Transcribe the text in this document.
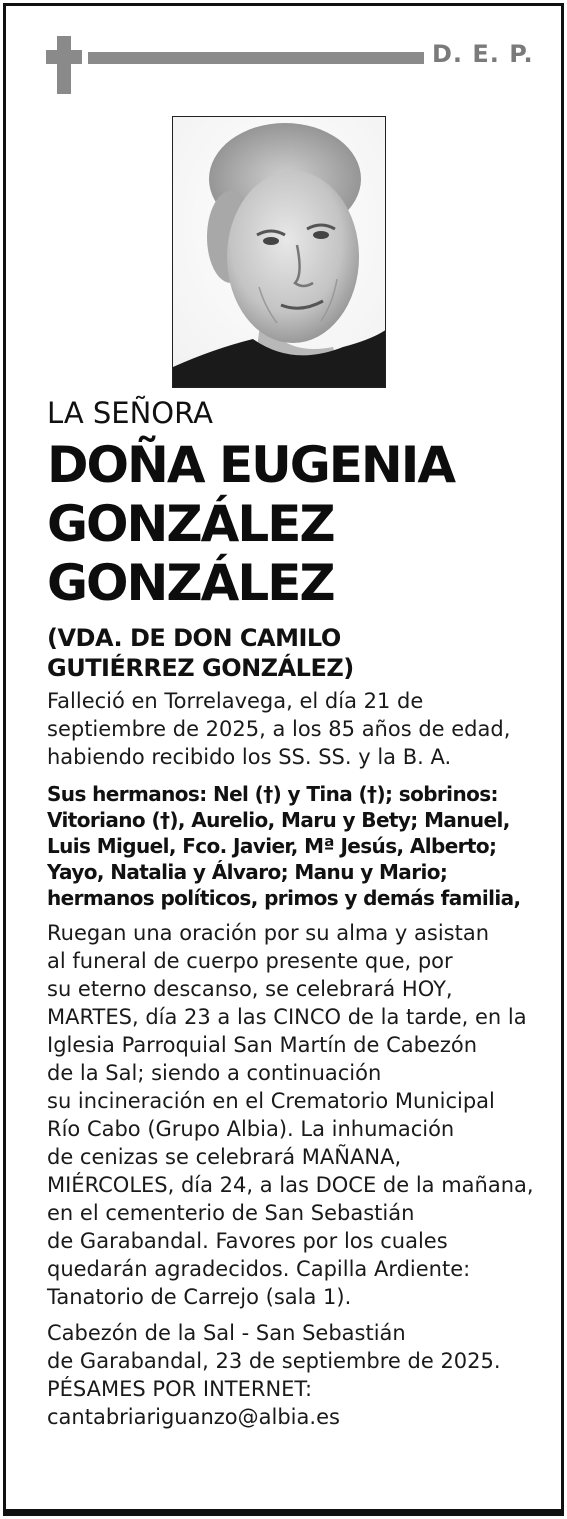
D. E. P.
LA SEÑORA
DOÑA EUGENIA
GONZÁLEZ
GONZÁLEZ
(VDA. DE DON CAMILO
GUTIÉRREZ GONZÁLEZ)
Falleció en Torrelavega, el día 21 de
septiembre de 2025, a los 85 años de edad,
habiendo recibido los SS. SS. y la B. A.
Sus hermanos: Nel (†) y Tina (†); sobrinos:
Vitoriano (†), Aurelio, Maru y Bety; Manuel,
Luis Miguel, Fco. Javier, Mª Jesús, Alberto;
Yayo, Natalia y Álvaro; Manu y Mario;
hermanos políticos, primos y demás familia,
Ruegan una oración por su alma y asistan
al funeral de cuerpo presente que, por
su eterno descanso, se celebrará HOY,
MARTES, día 23 a las CINCO de la tarde, en la
Iglesia Parroquial San Martín de Cabezón
de la Sal; siendo a continuación
su incineración en el Crematorio Municipal
Río Cabo (Grupo Albia). La inhumación
de cenizas se celebrará MAÑANA,
MIÉRCOLES, día 24, a las DOCE de la mañana,
en el cementerio de San Sebastián
de Garabandal. Favores por los cuales
quedarán agradecidos. Capilla Ardiente:
Tanatorio de Carrejo (sala 1).
Cabezón de la Sal - San Sebastián
de Garabandal, 23 de septiembre de 2025.
PÉSAMES POR INTERNET:
cantabriariguanzo@albia.es
